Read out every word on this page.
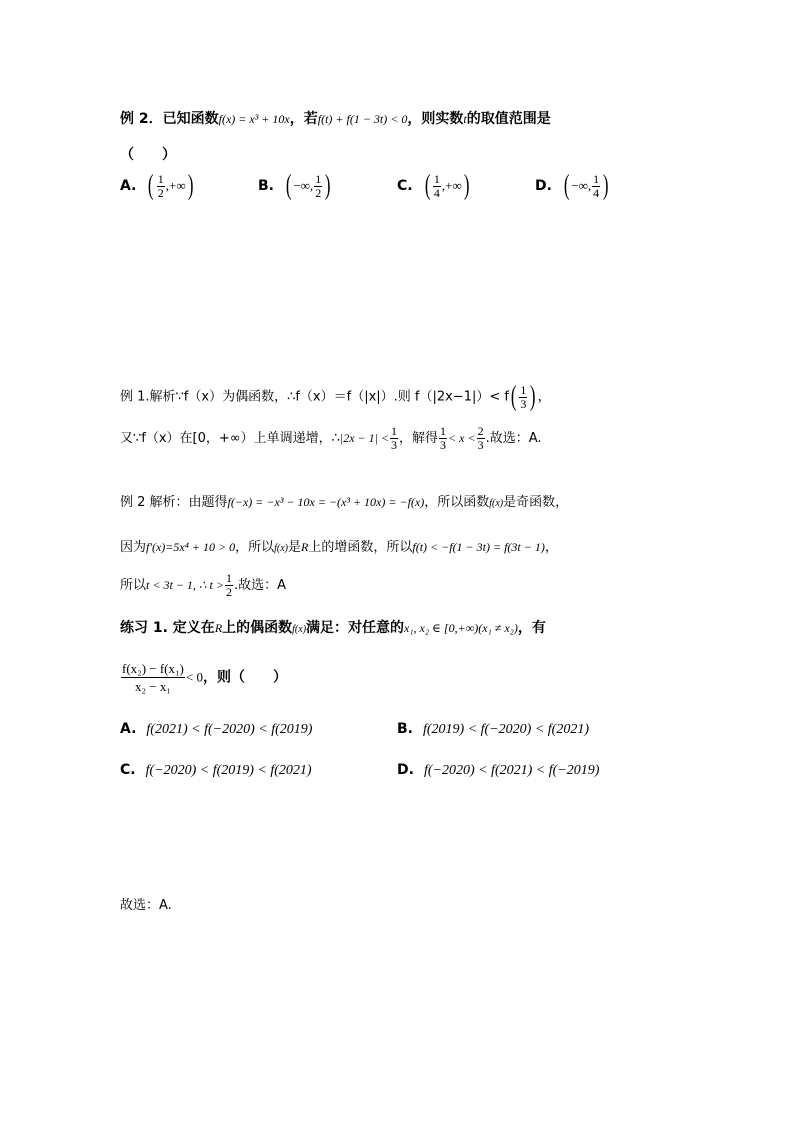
例 2．已知函数f(x) = x³ + 10x，若f(t) + f(1 − 3t) < 0，则实数t的取值范围是
（　　）
A. ( $\frac{1}{2}$ ,+∞)	B. ( −∞, $\frac{1}{2}$ )	C. ( $\frac{1}{4}$ ,+∞)	D. ( −∞, $\frac{1}{4}$ )
例 1.解析∵f（x）为偶函数，∴f（x）＝f（|x|）.则 $f(|2x-1|)< f( \frac{1}{3}$ ) ，
又∵f（x）在[0，+∞）上单调递增，∴|2x − $1| < \frac{1}{3}$ ，解得 $\frac{1}{3} < x < \frac{2}{3}$ .故选：A.
例 2 解析：由题得f(−x) = −x³ − 10x = −(x³ + 10x) = −f(x)，所以函数f(x)是奇函数，
因为f′(x)=5x⁴ + 10 > 0，所以f(x)是R上的增函数，所以f(t) < −f(1 − 3t) = f(3t − 1)，
所以t < 3t − 1, ∴ $t > \frac{1}{2}$ .故选：A
练习 1. 定义在R上的偶函数f(x)满足：对任意的x₁, x₂ ∈ [0,+∞)(x₁ ≠ x₂)，有
$\frac{\text{f(x₂) − f(x₁)}}{\text{x₂ − x₁}} < 0$，则（　　）
A. f(2021) < f(−2020) < f(2019)	B. f(2019) < f(−2020) < f(2021)
C. f(−2020) < f(2019) < f(2021)	D. f(−2020) < f(2021) < f(−2019)
故选：A.
